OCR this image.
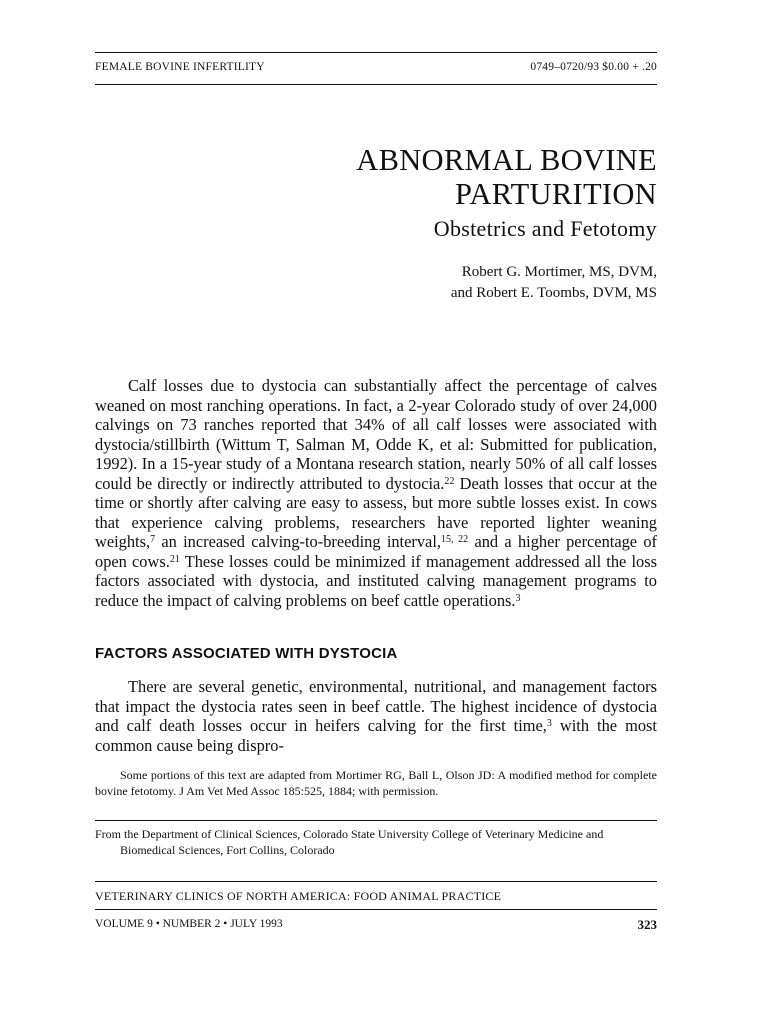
FEMALE BOVINE INFERTILITY	0749–0720/93 $0.00 + .20
ABNORMAL BOVINE
PARTURITION
Obstetrics and Fetotomy
Robert G. Mortimer, MS, DVM,
and Robert E. Toombs, DVM, MS

Calf losses due to dystocia can substantially affect the percentage of calves weaned on most ranching operations. In fact, a 2-year Colorado study of over 24,000 calvings on 73 ranches reported that 34% of all calf losses were associated with dystocia/stillbirth (Wittum T, Salman M, Odde K, et al: Submitted for publication, 1992). In a 15-year study of a Montana research station, nearly 50% of all calf losses could be directly or indirectly attributed to dystocia.$^{22}$ Death losses that occur at the time or shortly after calving are easy to assess, but more subtle losses exist. In cows that experience calving problems, researchers have reported lighter weaning weights,$^7$ an increased calving-to-breeding interval,$^{15, 22}$ and a higher percentage of open cows.$^{21}$ These losses could be minimized if management addressed all the loss factors associated with dystocia, and instituted calving management programs to reduce the impact of calving problems on beef cattle operations.$^3$

FACTORS ASSOCIATED WITH DYSTOCIA

There are several genetic, environmental, nutritional, and management factors that impact the dystocia rates seen in beef cattle. The highest incidence of dystocia and calf death losses occur in heifers calving for the first time,$^3$ with the most common cause being dispro-

Some portions of this text are adapted from Mortimer RG, Ball L, Olson JD: A modified method for complete bovine fetotomy. J Am Vet Med Assoc 185:525, 1884; with permission.

From the Department of Clinical Sciences, Colorado State University College of Veterinary Medicine and Biomedical Sciences, Fort Collins, Colorado

VETERINARY CLINICS OF NORTH AMERICA: FOOD ANIMAL PRACTICE
VOLUME 9 • NUMBER 2 • JULY 1993	323
